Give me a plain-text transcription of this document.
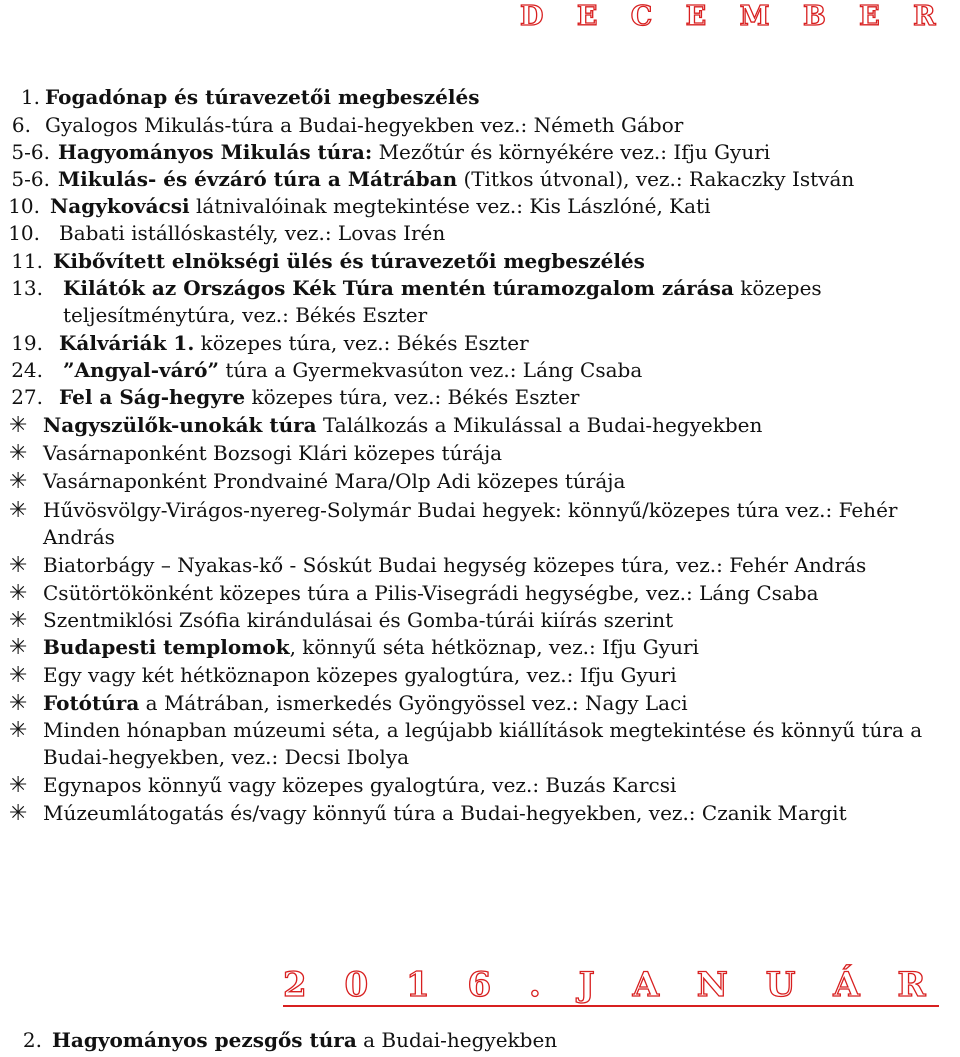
D E C E M B E R
1. Fogadónap és túravezetői megbeszélés
6. Gyalogos Mikulás-túra a Budai-hegyekben vez.: Németh Gábor
5-6. Hagyományos Mikulás túra: Mezőtúr és környékére vez.: Ifju Gyuri
5-6. Mikulás- és évzáró túra a Mátrában (Titkos útvonal), vez.: Rakaczky István
10. Nagykovácsi látnivalóinak megtekintése vez.: Kis Lászlóné, Kati
10. Babati istállóskastély, vez.: Lovas Irén
11. Kibővített elnökségi ülés és túravezetői megbeszélés
13. Kilátók az Országos Kék Túra mentén túramozgalom zárása közepes
teljesítménytúra, vez.: Békés Eszter
19. Kálváriák 1. közepes túra, vez.: Békés Eszter
24. ”Angyal-váró” túra a Gyermekvasúton vez.: Láng Csaba
27. Fel a Ság-hegyre közepes túra, vez.: Békés Eszter
✳ Nagyszülők-unokák túra Találkozás a Mikulással a Budai-hegyekben
✳ Vasárnaponként Bozsogi Klári közepes túrája
✳ Vasárnaponként Prondvainé Mara/Olp Adi közepes túrája
✳ Hűvösvölgy-Virágos-nyereg-Solymár Budai hegyek: könnyű/közepes túra vez.: Fehér
András
✳ Biatorbágy – Nyakas-kő - Sóskút Budai hegység közepes túra, vez.: Fehér András
✳ Csütörtökönként közepes túra a Pilis-Visegrádi hegységbe, vez.: Láng Csaba
✳ Szentmiklósi Zsófia kirándulásai és Gomba-túrái kiírás szerint
✳ Budapesti templomok, könnyű séta hétköznap, vez.: Ifju Gyuri
✳ Egy vagy két hétköznapon közepes gyalogtúra, vez.: Ifju Gyuri
✳ Fotótúra a Mátrában, ismerkedés Gyöngyössel vez.: Nagy Laci
✳ Minden hónapban múzeumi séta, a legújabb kiállítások megtekintése és könnyű túra a
Budai-hegyekben, vez.: Decsi Ibolya
✳ Egynapos könnyű vagy közepes gyalogtúra, vez.: Buzás Karcsi
✳ Múzeumlátogatás és/vagy könnyű túra a Budai-hegyekben, vez.: Czanik Margit
2 0 1 6 . J A N U Á R
2. Hagyományos pezsgős túra a Budai-hegyekben
